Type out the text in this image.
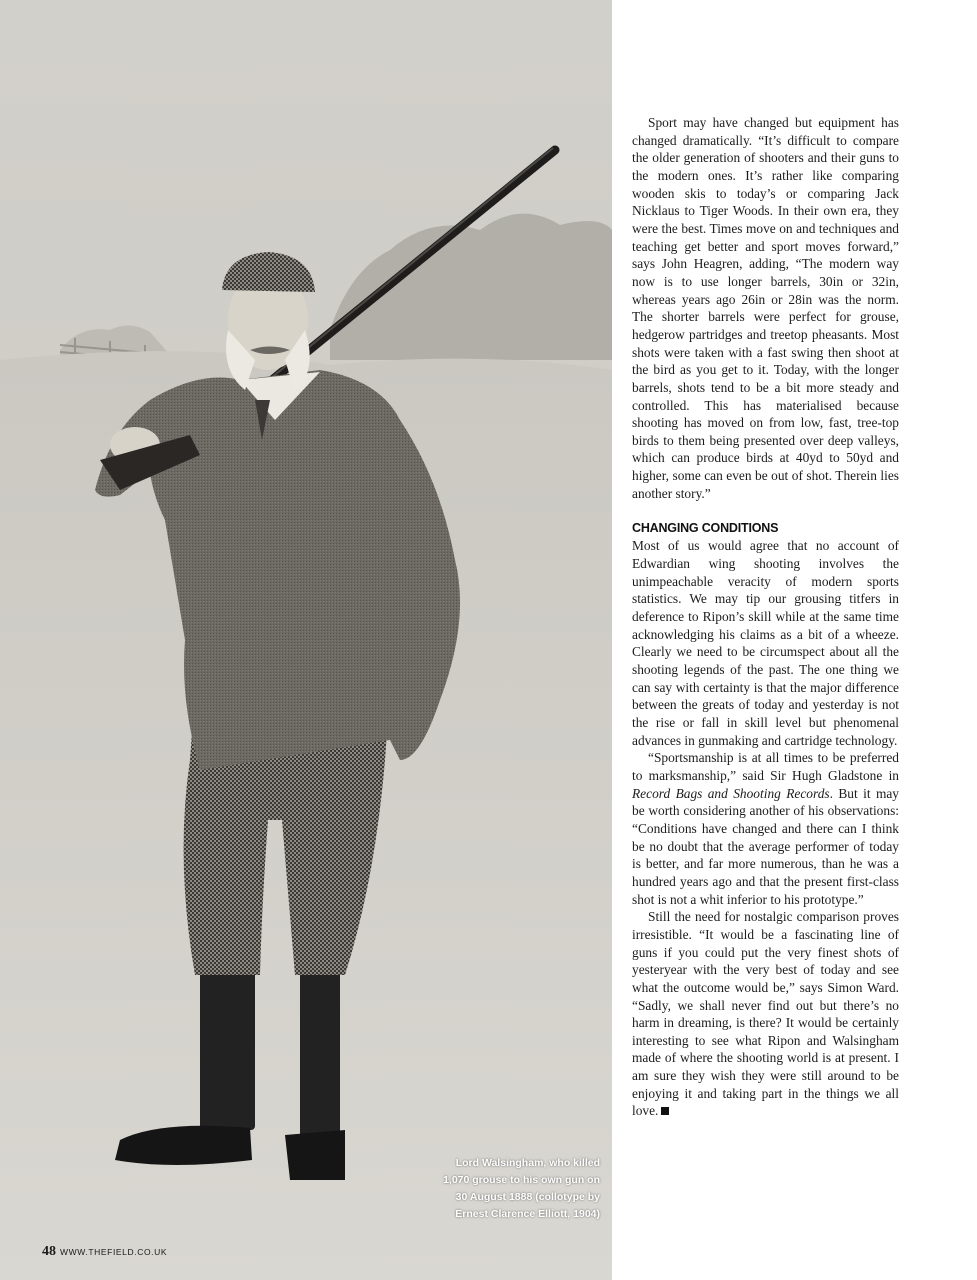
Lord Walsingham, who killed
1,070 grouse to his own gun on
30 August 1888 (collotype by
Ernest Clarence Elliott, 1904)
48 WWW.THEFIELD.CO.UK

Sport may have changed but equipment has changed dramatically. “It’s difficult to compare the older generation of shooters and their guns to the modern ones. It’s rather like comparing wooden skis to today’s or comparing Jack Nicklaus to Tiger Woods. In their own era, they were the best. Times move on and techniques and teaching get better and sport moves forward,” says John Heagren, adding, “The modern way now is to use longer barrels, 30in or 32in, whereas years ago 26in or 28in was the norm. The shorter barrels were perfect for grouse, hedgerow partridges and treetop pheasants. Most shots were taken with a fast swing then shoot at the bird as you get to it. Today, with the longer barrels, shots tend to be a bit more steady and controlled. This has materialised because shooting has moved on from low, fast, tree-top birds to them being presented over deep valleys, which can produce birds at 40yd to 50yd and higher, some can even be out of shot. Therein lies another story.”

CHANGING CONDITIONS

Most of us would agree that no account of Edwardian wing shooting involves the unimpeachable veracity of modern sports statistics. We may tip our grousing titfers in deference to Ripon’s skill while at the same time acknowledging his claims as a bit of a wheeze. Clearly we need to be circumspect about all the shooting legends of the past. The one thing we can say with certainty is that the major difference between the greats of today and yesterday is not the rise or fall in skill level but phenomenal advances in gunmaking and cartridge technology.

“Sportsmanship is at all times to be preferred to marksmanship,” said Sir Hugh Gladstone in Record Bags and Shooting Records. But it may be worth considering another of his observations: “Conditions have changed and there can I think be no doubt that the average performer of today is better, and far more numerous, than he was a hundred years ago and that the present first-class shot is not a whit inferior to his prototype.”

Still the need for nostalgic comparison proves irresistible. “It would be a fascinating line of guns if you could put the very finest shots of yesteryear with the very best of today and see what the outcome would be,” says Simon Ward. “Sadly, we shall never find out but there’s no harm in dreaming, is there? It would be certainly interesting to see what Ripon and Walsingham made of where the shooting world is at present. I am sure they wish they were still around to be enjoying it and taking part in the things we all love.
